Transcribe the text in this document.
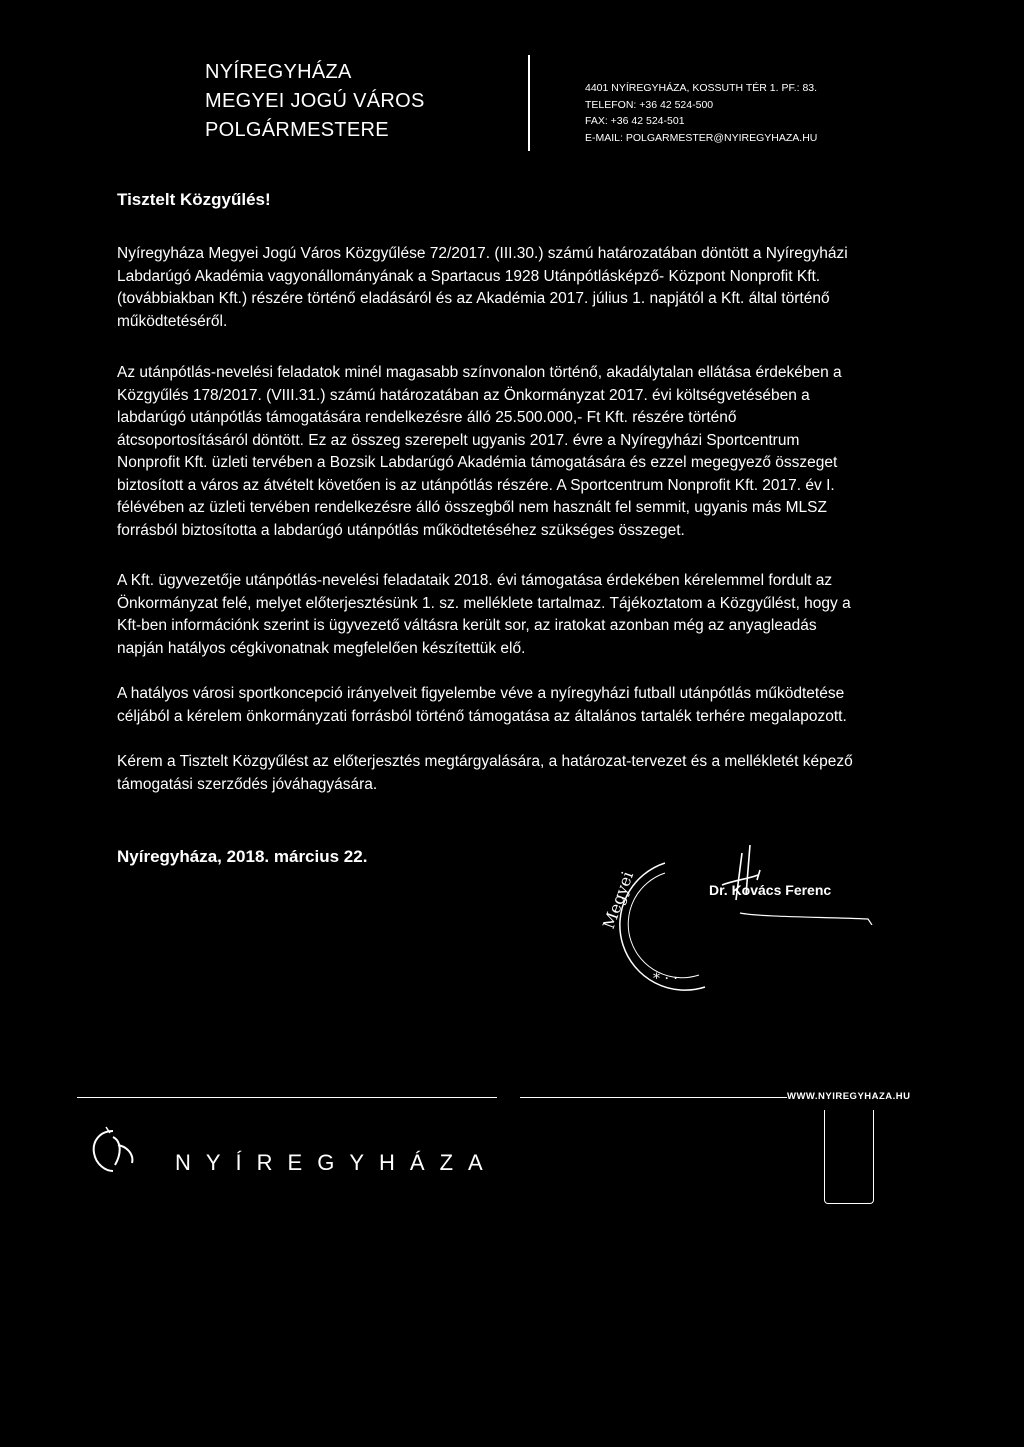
NYÍREGYHÁZA
MEGYEI JOGÚ VÁROS
POLGÁRMESTERE
4401 NYÍREGYHÁZA, KOSSUTH TÉR 1. PF.: 83.
TELEFON: +36 42 524-500
FAX: +36 42 524-501
E-MAIL: POLGARMESTER@NYIREGYHAZA.HU
Tisztelt Közgyűlés!
Nyíregyháza Megyei Jogú Város Közgyűlése 72/2017. (III.30.) számú határozatában döntött a Nyíregyházi
Labdarúgó Akadémia vagyonállományának a Spartacus 1928 Utánpótlásképző- Központ Nonprofit Kft.
(továbbiakban Kft.) részére történő eladásáról és az Akadémia 2017. július 1. napjától a Kft. által történő
működtetéséről.
Az utánpótlás-nevelési feladatok minél magasabb színvonalon történő, akadálytalan ellátása érdekében a
Közgyűlés 178/2017. (VIII.31.) számú határozatában az Önkormányzat 2017. évi költségvetésében a
labdarúgó utánpótlás támogatására rendelkezésre álló 25.500.000,- Ft Kft. részére történő
átcsoportosításáról döntött. Ez az összeg szerepelt ugyanis 2017. évre a Nyíregyházi Sportcentrum
Nonprofit Kft. üzleti tervében a Bozsik Labdarúgó Akadémia támogatására és ezzel megegyező összeget
biztosított a város az átvételt követően is az utánpótlás részére. A Sportcentrum Nonprofit Kft. 2017. év I.
félévében az üzleti tervében rendelkezésre álló összegből nem használt fel semmit, ugyanis más MLSZ
forrásból biztosította a labdarúgó utánpótlás működtetéséhez szükséges összeget.
A Kft. ügyvezetője utánpótlás-nevelési feladataik 2018. évi támogatása érdekében kérelemmel fordult az
Önkormányzat felé, melyet előterjesztésünk 1. sz. melléklete tartalmaz. Tájékoztatom a Közgyűlést, hogy a
Kft-ben információnk szerint is ügyvezető váltásra került sor, az iratokat azonban még az anyagleadás
napján hatályos cégkivonatnak megfelelően készítettük elő.
A hatályos városi sportkoncepció irányelveit figyelembe véve a nyíregyházi futball utánpótlás működtetése
céljából a kérelem önkormányzati forrásból történő támogatása az általános tartalék terhére megalapozott.
Kérem a Tisztelt Közgyűlést az előterjesztés megtárgyalására, a határozat-tervezet és a mellékletét képező
támogatási szerződés jóváhagyására.
Nyíregyháza, 2018. március 22.
Megyei
* · ·
Dr. Kovács Ferenc
WWW.NYIREGYHAZA.HU
NYÍREGYHÁZA
